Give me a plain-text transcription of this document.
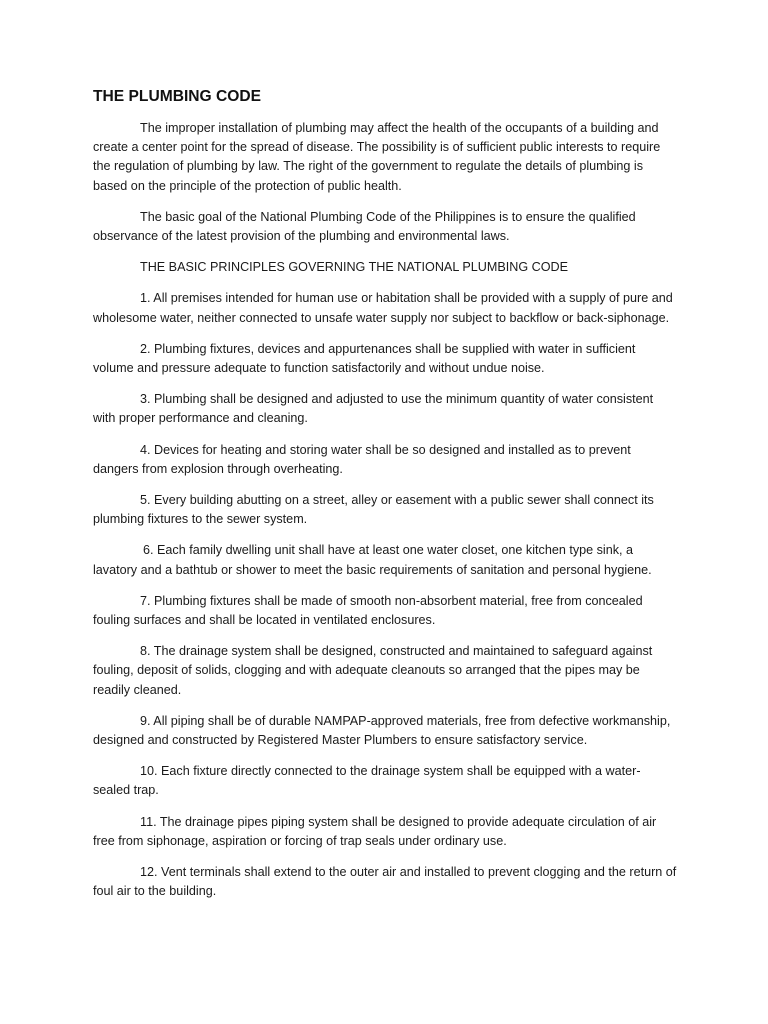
THE PLUMBING CODE

The improper installation of plumbing may affect the health of the occupants of a building and create a center point for the spread of disease. The possibility is of sufficient public interests to require the regulation of plumbing by law. The right of the government to regulate the details of plumbing is based on the principle of the protection of public health.

The basic goal of the National Plumbing Code of the Philippines is to ensure the qualified observance of the latest provision of the plumbing and environmental laws.

THE BASIC PRINCIPLES GOVERNING THE NATIONAL PLUMBING CODE

1. All premises intended for human use or habitation shall be provided with a supply of pure and wholesome water, neither connected to unsafe water supply nor subject to backflow or back-siphonage.

2. Plumbing fixtures, devices and appurtenances shall be supplied with water in sufficient volume and pressure adequate to function satisfactorily and without undue noise.

3. Plumbing shall be designed and adjusted to use the minimum quantity of water consistent with proper performance and cleaning.

4. Devices for heating and storing water shall be so designed and installed as to prevent dangers from explosion through overheating.

5. Every building abutting on a street, alley or easement with a public sewer shall connect its plumbing fixtures to the sewer system.

6. Each family dwelling unit shall have at least one water closet, one kitchen type sink, a lavatory and a bathtub or shower to meet the basic requirements of sanitation and personal hygiene.

7. Plumbing fixtures shall be made of smooth non-absorbent material, free from concealed fouling surfaces and shall be located in ventilated enclosures.

8. The drainage system shall be designed, constructed and maintained to safeguard against fouling, deposit of solids, clogging and with adequate cleanouts so arranged that the pipes may be readily cleaned.

9. All piping shall be of durable NAMPAP-approved materials, free from defective workmanship, designed and constructed by Registered Master Plumbers to ensure satisfactory service.

10. Each fixture directly connected to the drainage system shall be equipped with a water-sealed trap.

11. The drainage pipes piping system shall be designed to provide adequate circulation of air free from siphonage, aspiration or forcing of trap seals under ordinary use.

12. Vent terminals shall extend to the outer air and installed to prevent clogging and the return of foul air to the building.
